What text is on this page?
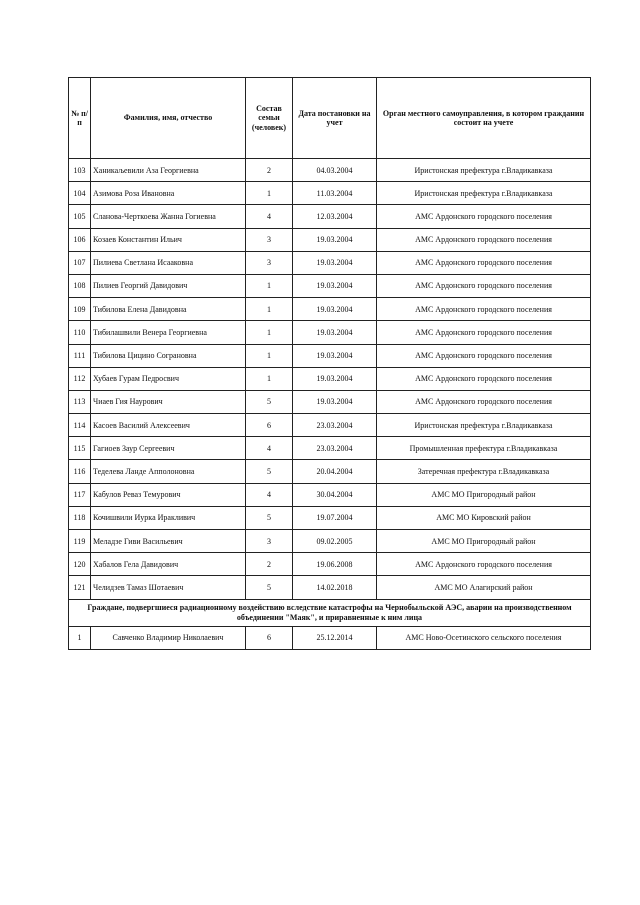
№ п/п	Фамилия, имя, отчество	Состав семьи (человек)	Дата постановки на учет	Орган местного самоуправления, в котором гражданин состоит на учете
103	Ханикаљевили Аза Георгиевна	2	04.03.2004	Иристонская префектура г.Владикавказа
104	Азимова Роза Ивановна	1	11.03.2004	Иристонская префектура г.Владикавказа
105	Сланова-Черткоева Жанна Гогиевна	4	12.03.2004	АМС Ардонского городского поселения
106	Козаев Константин Ильич	3	19.03.2004	АМС Ардонского городского поселения
107	Пилиева Светлана Исааковна	3	19.03.2004	АМС Ардонского городского поселения
108	Пилиев Георгий Давидович	1	19.03.2004	АМС Ардонского городского поселения
109	Тибилова Елена Давидовна	1	19.03.2004	АМС Ардонского городского поселения
110	Тибилашвили Венера Георгиевна	1	19.03.2004	АМС Ардонского городского поселения
111	Тибилова Цицино Сограновна	1	19.03.2004	АМС Ардонского городского поселения
112	Хубаев Гурам Педросвич	1	19.03.2004	АМС Ардонского городского поселения
113	Чиаев Гия Наурович	5	19.03.2004	АМС Ардонского городского поселения
114	Касоев Василий Алексеевич	6	23.03.2004	Иристонская префектура г.Владикавказа
115	Гагиоев Заур Сергеевич	4	23.03.2004	Промышленная префектура г.Владикавказа
116	Теделева Ланде Апполоновна	5	20.04.2004	Затеречная префектура г.Владикавказа
117	Кабулов Реваз Темурович	4	30.04.2004	АМС МО Пригородный район
118	Кочишвили Иурка Иракливич	5	19.07.2004	АМС МО Кировский район
119	Меладзе Гиви Васильевич	3	09.02.2005	АМС МО Пригородный район
120	Хабалов Гела Давидович	2	19.06.2008	АМС Ардонского городского поселения
121	Челидзев Тамаз Шотаевич	5	14.02.2018	АМС МО Алагирский район
Граждане, подвергшиеся радиационному воздействию вследствие катастрофы на Чернобыльской АЭС, аварии на производственном объединении "Маяк", и приравненные к ним лица				
1	Савченко Владимир Николаевич	6	25.12.2014	АМС Ново-Осетинского сельского поселения
